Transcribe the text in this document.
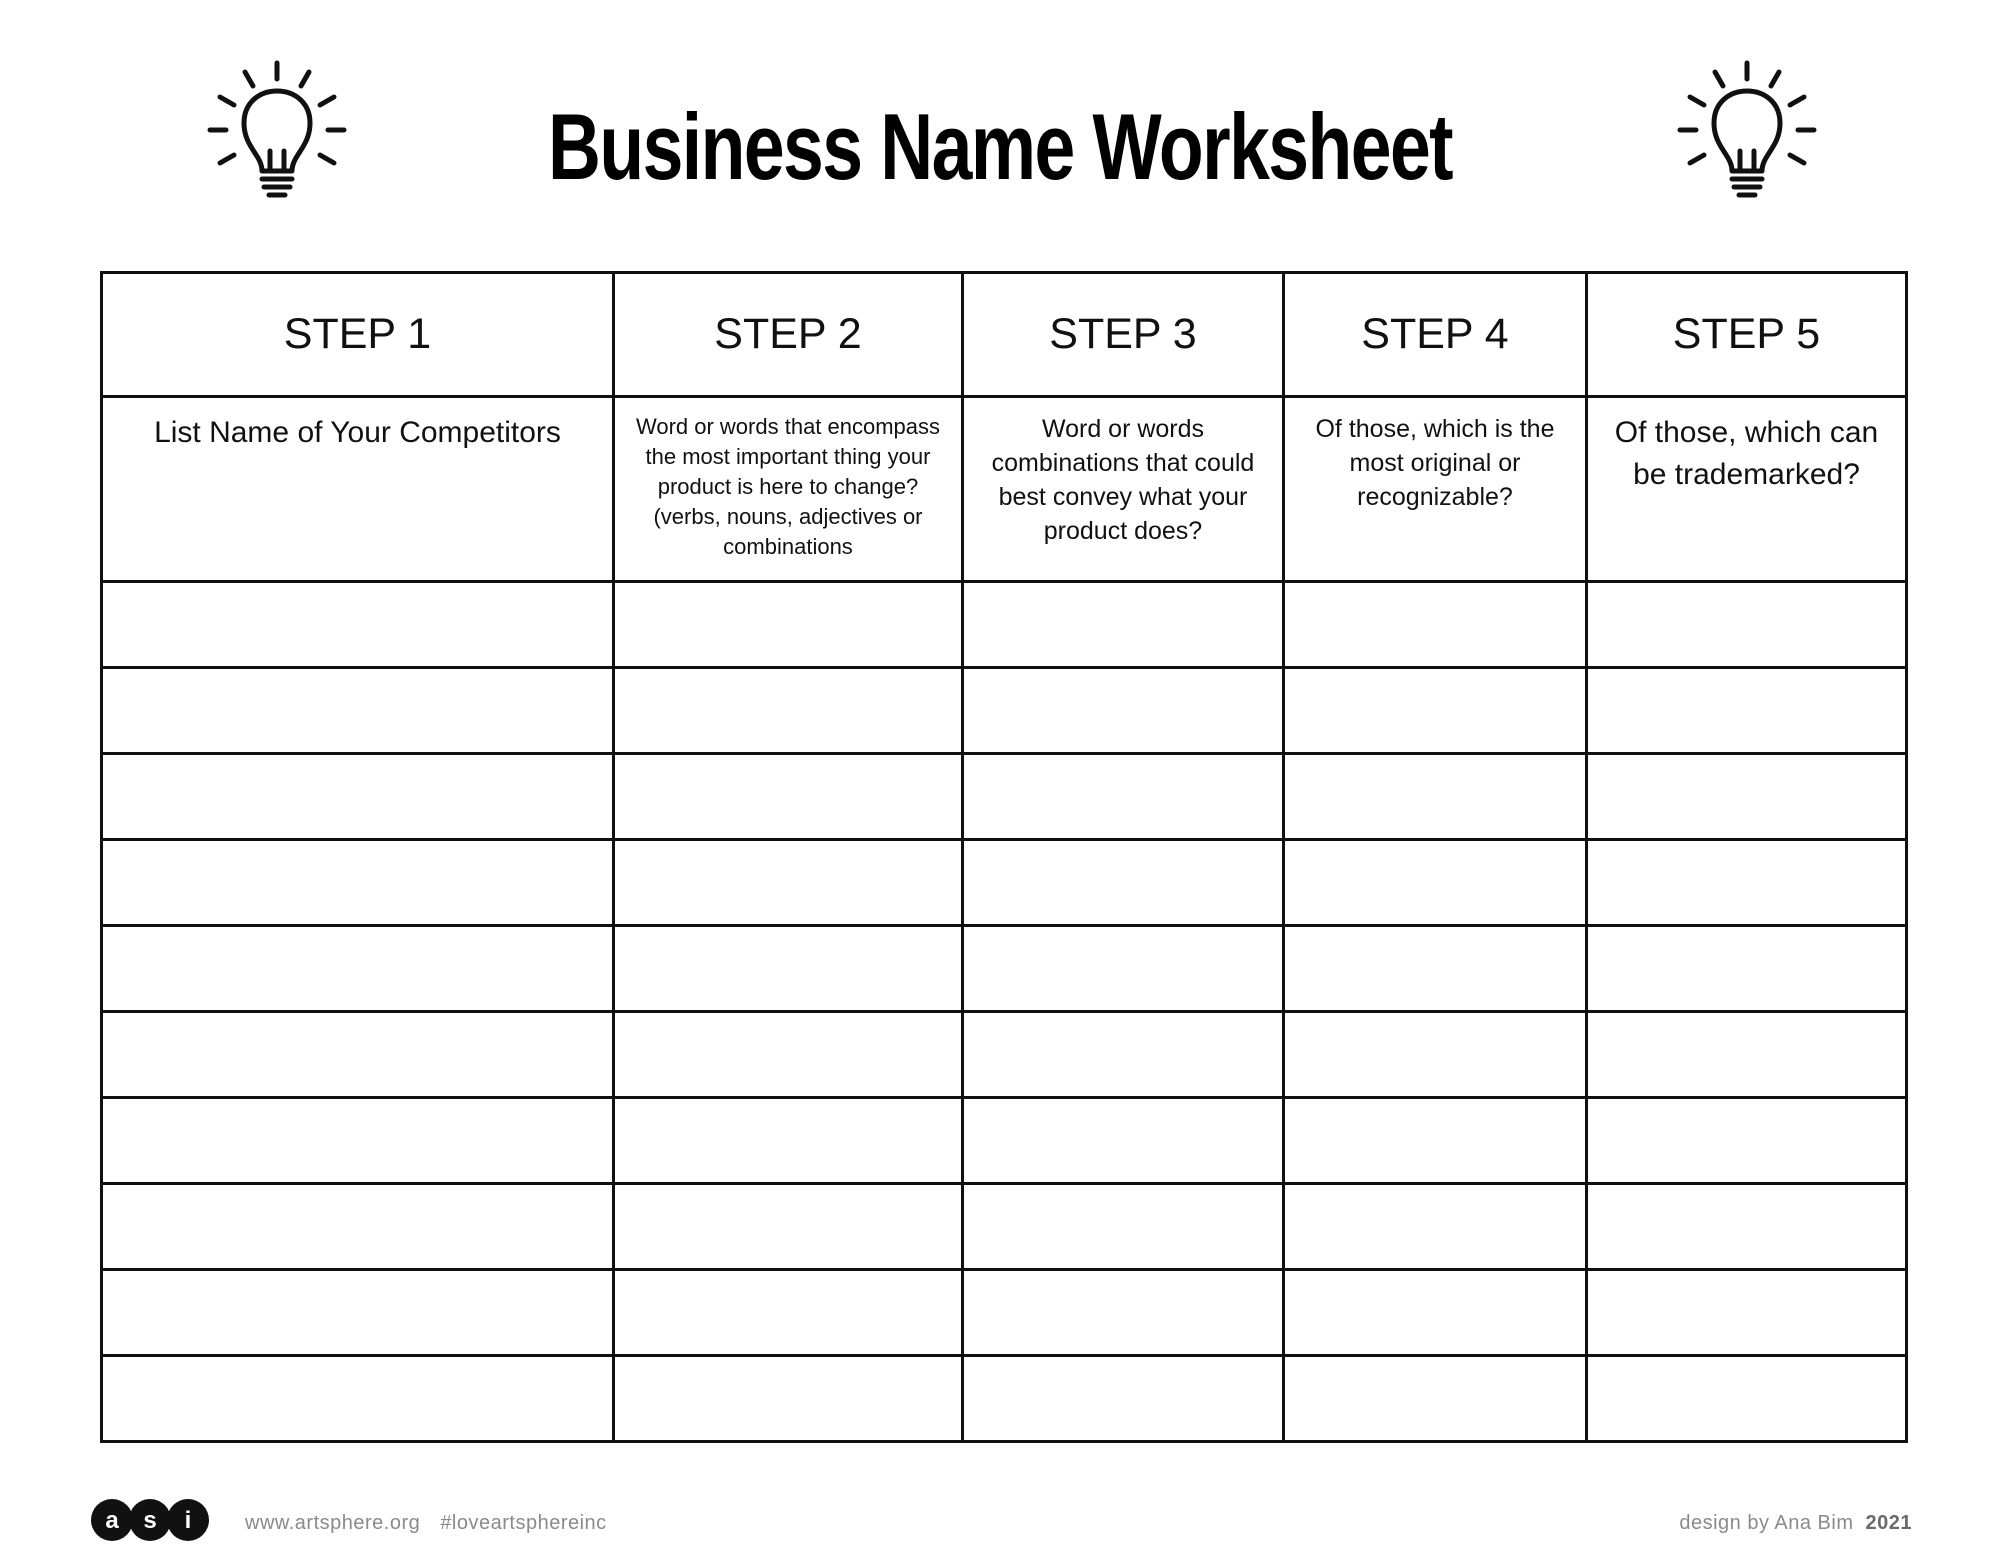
Business Name Worksheet
STEP 1	STEP 2	STEP 3	STEP 4	STEP 5

List Name of Your Competitors	Word or words that encompass the most important thing your product is here to change? (verbs, nouns, adjectives or combinations	Word or words combinations that could best convey what your product does?	Of those, which is the most original or recognizable?	Of those, which can be trademarked?

a s i	www.artsphere.org #loveartsphereinc	design by Ana Bim 2021
